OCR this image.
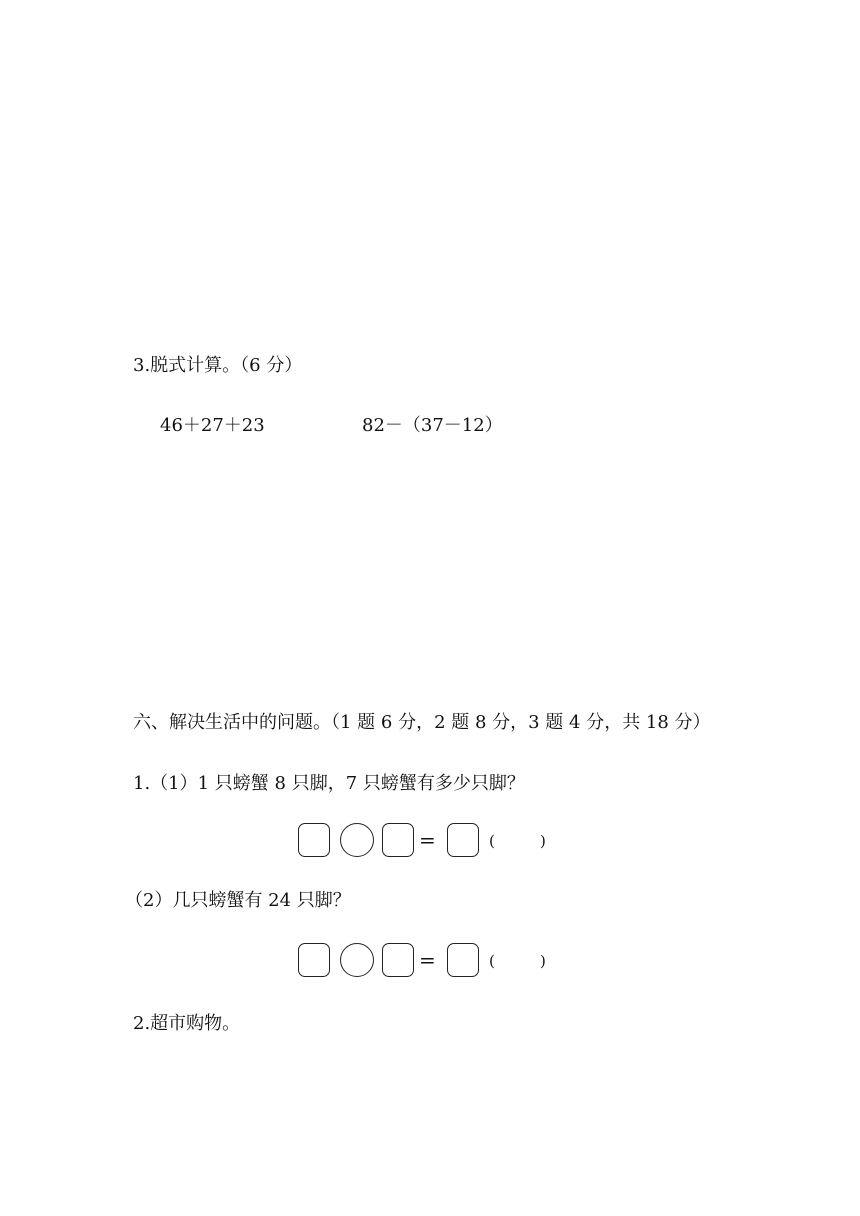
3.脱式计算。（6 分）
46＋27＋23	82－（37－12）
六、解决生活中的问题。（1 题 6 分，2 题 8 分，3 题 4 分，共 18 分）
1.（1）1 只螃蟹 8 只脚，7 只螃蟹有多少只脚？
=	(	)
（2）几只螃蟹有 24 只脚？
=	(	)
2.超市购物。
